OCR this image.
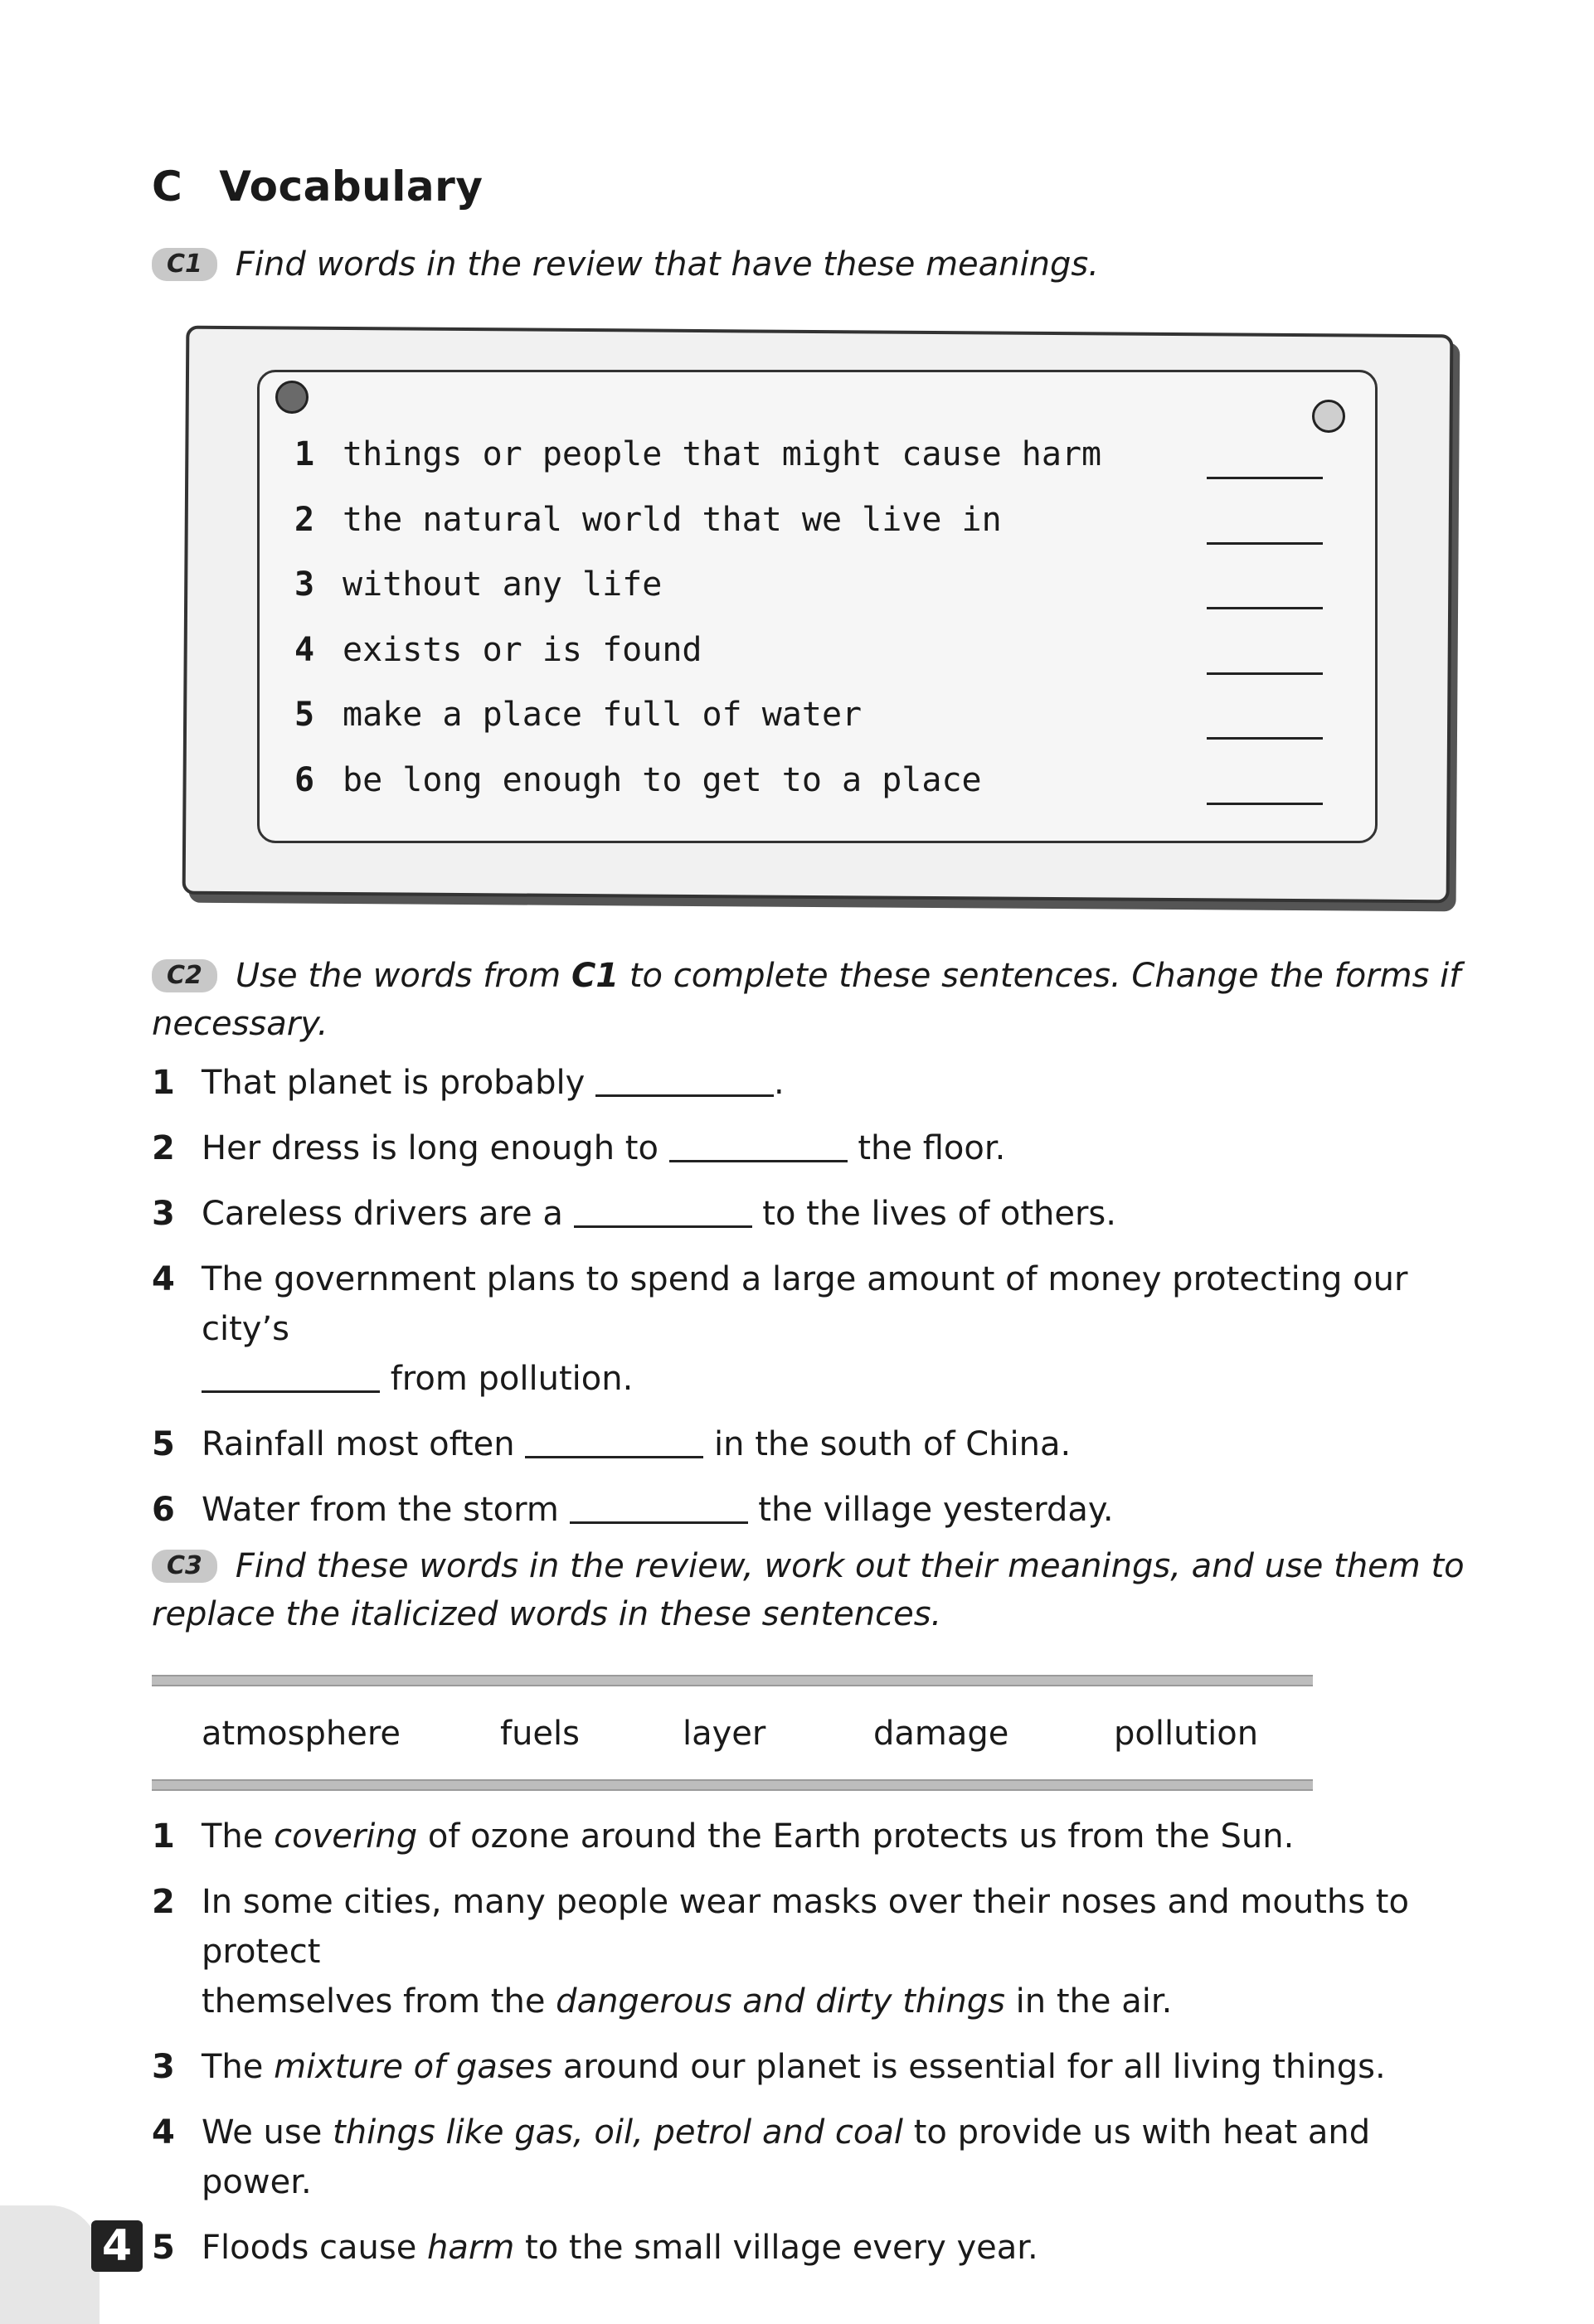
C Vocabulary
C1 Find words in the review that have these meanings.
1 things or people that might cause harm
2 the natural world that we live in
3 without any life
4 exists or is found
5 make a place full of water
6 be long enough to get to a place
C2 Use the words from C1 to complete these sentences. Change the forms if
necessary.
1 That planet is probably	.
2 Her dress is long enough to	the floor.
3 Careless drivers are a	to the lives of others.
4 The government plans to spend a large amount of money protecting our city’s
from pollution.
5 Rainfall most often	in the south of China.
6 Water from the storm	the village yesterday.
C3 Find these words in the review, work out their meanings, and use them to
replace the italicized words in these sentences.
atmosphere	fuels	layer	damage	pollution
1 The covering of ozone around the Earth protects us from the Sun.
2 In some cities, many people wear masks over their noses and mouths to protect
themselves from the dangerous and dirty things in the air.
3 The mixture of gases around our planet is essential for all living things.
4 We use things like gas, oil, petrol and coal to provide us with heat and power.
5 Floods cause harm to the small village every year.
4
